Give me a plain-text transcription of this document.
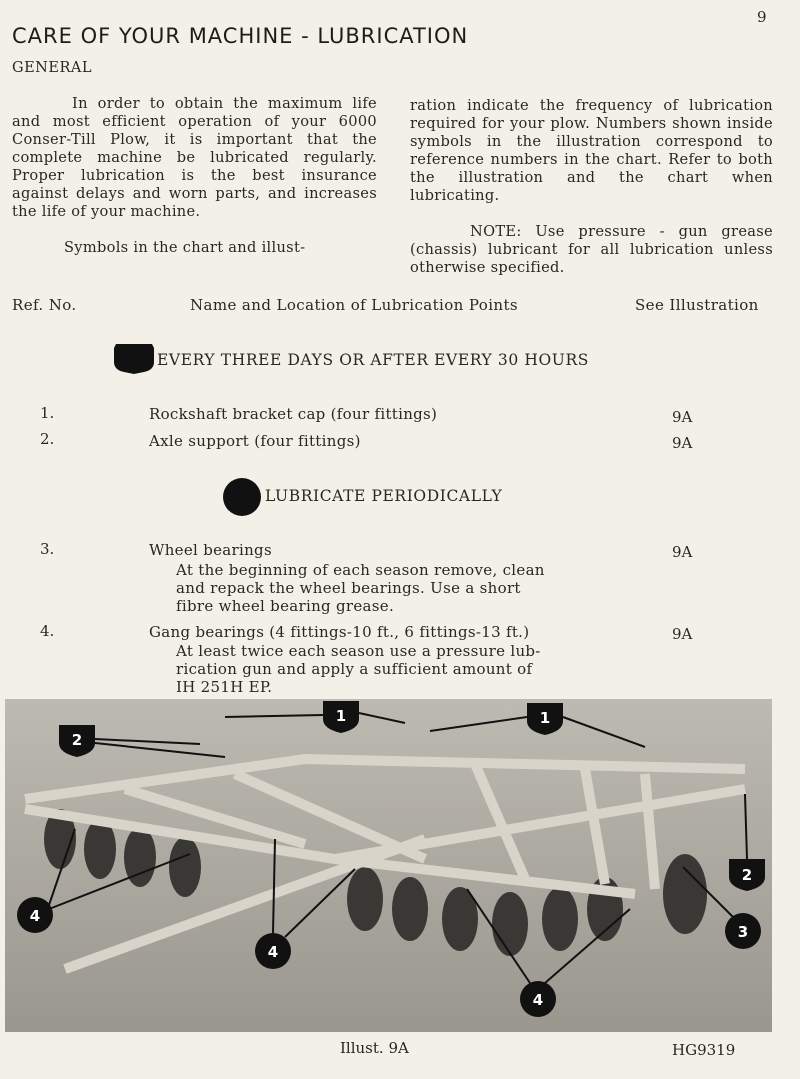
9
CARE OF YOUR MACHINE - LUBRICATION
GENERAL

In order to obtain the maximum life and most efficient operation of your 6000 Conser-Till Plow, it is important that the complete machine be lubricated regularly. Proper lubrication is the best insurance against delays and worn parts, and increases the life of your machine.

Symbols in the chart and illust-

ration indicate the frequency of lubrication required for your plow. Numbers shown inside symbols in the illustration correspond to reference numbers in the chart. Refer to both the illustration and the chart when lubricating.

NOTE: Use pressure - gun grease (chassis) lubricant for all lubrication unless otherwise specified.

Ref. No.	Name and Location of Lubrication Points	See Illustration
EVERY THREE DAYS OR AFTER EVERY 30 HOURS
1.	Rockshaft bracket cap (four fittings)	9A
2.	Axle support (four fittings)	9A
LUBRICATE PERIODICALLY
3.	Wheel bearings	9A
At the beginning of each season remove, clean
and repack the wheel bearings. Use a short
fibre wheel bearing grease.
4.	Gang bearings (4 fittings-10 ft., 6 fittings-13 ft.)	9A
At least twice each season use a pressure lub-
rication gun and apply a sufficient amount of
IH 251H EP.
1	1
2
2
3
4
4
4
Illust. 9A	HG9319
